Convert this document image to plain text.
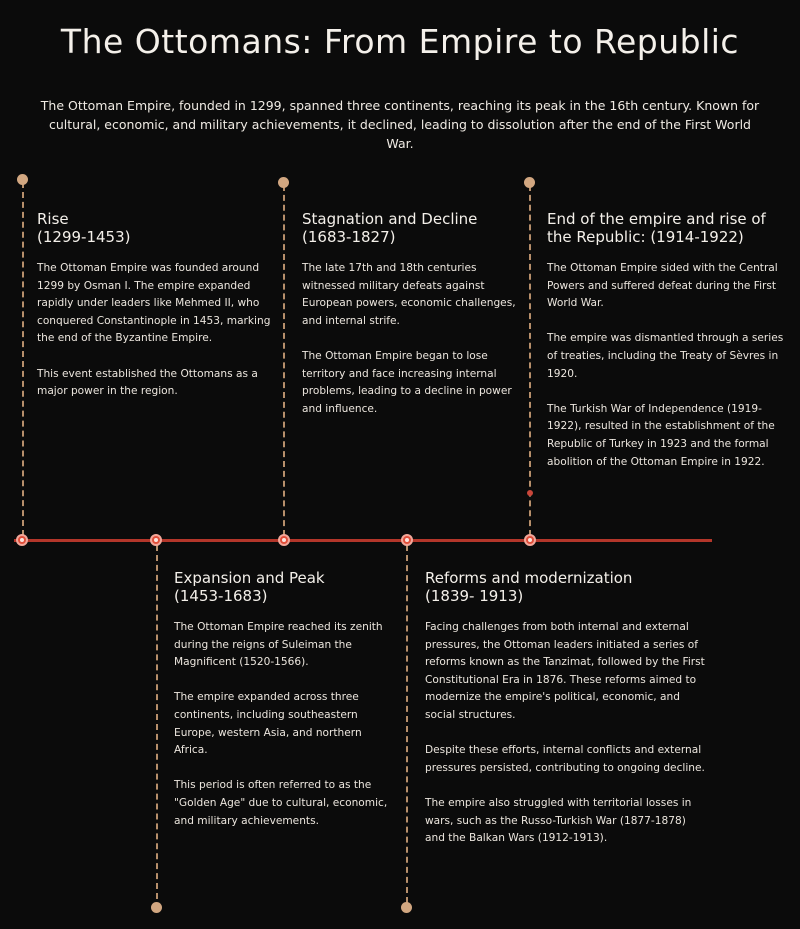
The Ottomans: From Empire to Republic
The Ottoman Empire, founded in 1299, spanned three continents, reaching its peak in the 16th century. Known for cultural, economic, and military achievements, it declined, leading to dissolution after the end of the First World War.
Rise
(1299-1453)

The Ottoman Empire was founded around 1299 by Osman I. The empire expanded rapidly under leaders like Mehmed II, who conquered Constantinople in 1453, marking the end of the Byzantine Empire.

This event established the Ottomans as a major power in the region.

Stagnation and Decline
(1683-1827)

The late 17th and 18th centuries witnessed military defeats against European powers, economic challenges, and internal strife.

The Ottoman Empire began to lose territory and face increasing internal problems, leading to a decline in power and influence.

End of the empire and rise of the Republic: (1914-1922)

The Ottoman Empire sided with the Central Powers and suffered defeat during the First World War.

The empire was dismantled through a series of treaties, including the Treaty of Sèvres in 1920.

The Turkish War of Independence (1919-1922), resulted in the establishment of the Republic of Turkey in 1923 and the formal abolition of the Ottoman Empire in 1922.

Expansion and Peak
(1453-1683)

The Ottoman Empire reached its zenith during the reigns of Suleiman the Magnificent (1520-1566).

The empire expanded across three continents, including southeastern Europe, western Asia, and northern Africa.

This period is often referred to as the "Golden Age" due to cultural, economic, and military achievements.

Reforms and modernization
(1839- 1913)

Facing challenges from both internal and external pressures, the Ottoman leaders initiated a series of reforms known as the Tanzimat, followed by the First Constitutional Era in 1876. These reforms aimed to modernize the empire's political, economic, and social structures.

Despite these efforts, internal conflicts and external pressures persisted, contributing to ongoing decline.

The empire also struggled with territorial losses in wars, such as the Russo-Turkish War (1877-1878) and the Balkan Wars (1912-1913).
